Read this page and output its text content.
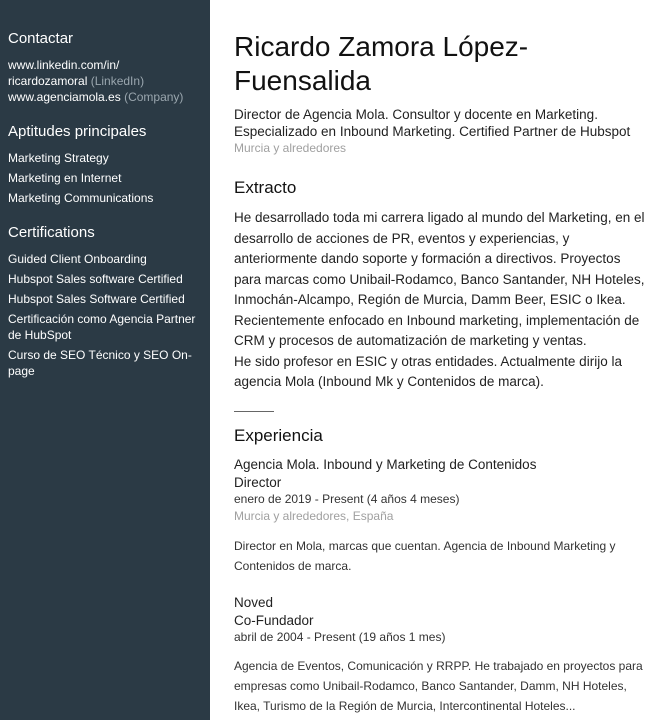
Contactar
www.linkedin.com/in/
ricardozamoral (LinkedIn)
www.agenciamola.es (Company)
Aptitudes principales
Marketing Strategy
Marketing en Internet
Marketing Communications
Certifications
Guided Client Onboarding
Hubspot Sales software Certified
Hubspot Sales Software Certified
Certificación como Agencia Partner de HubSpot
Curso de SEO Técnico y SEO On-page
Ricardo Zamora López-Fuensalida
Director de Agencia Mola. Consultor y docente en Marketing. Especializado en Inbound Marketing. Certified Partner de Hubspot
Murcia y alrededores
Extracto

He desarrollado toda mi carrera ligado al mundo del Marketing, en el desarrollo de acciones de PR, eventos y experiencias, y anteriormente dando soporte y formación a directivos. Proyectos para marcas como Unibail-Rodamco, Banco Santander, NH Hoteles, Inmochán-Alcampo, Región de Murcia, Damm Beer, ESIC o Ikea. Recientemente enfocado en Inbound marketing, implementación de CRM y procesos de automatización de marketing y ventas.

He sido profesor en ESIC y otras entidades. Actualmente dirijo la agencia Mola (Inbound Mk y Contenidos de marca).

Experiencia
Agencia Mola. Inbound y Marketing de Contenidos
Director
enero de 2019 - Present (4 años 4 meses)
Murcia y alrededores, España
Director en Mola, marcas que cuentan. Agencia de Inbound Marketing y Contenidos de marca.
Noved
Co-Fundador
abril de 2004 - Present (19 años 1 mes)
Agencia de Eventos, Comunicación y RRPP. He trabajado en proyectos para empresas como Unibail-Rodamco, Banco Santander, Damm, NH Hoteles, Ikea, Turismo de la Región de Murcia, Intercontinental Hoteles...
